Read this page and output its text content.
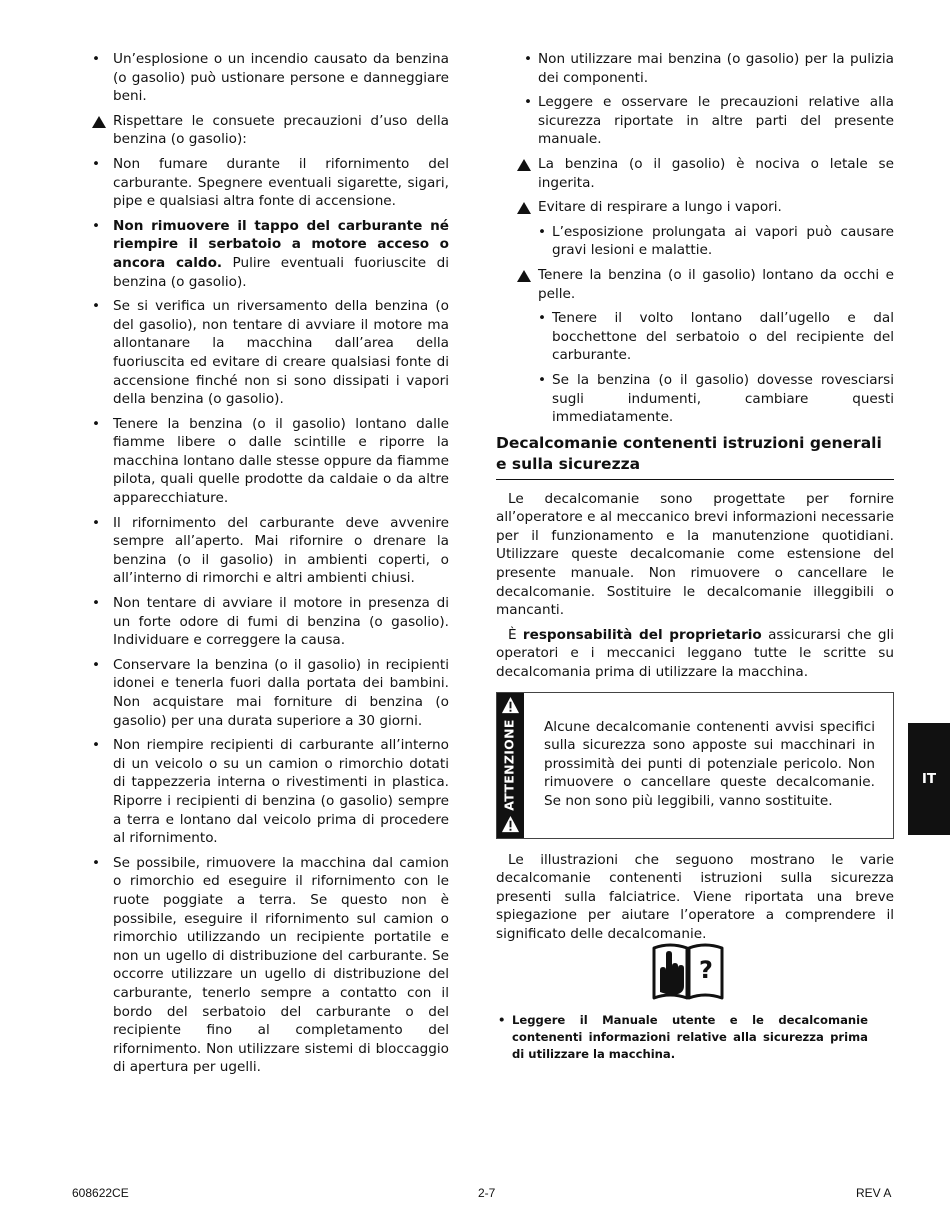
• Un’esplosione o un incendio causato da benzina (o gasolio) può ustionare persone e danneggiare beni.

Rispettare le consuete precauzioni d’uso della benzina (o gasolio):

• Non fumare durante il rifornimento del carburante. Spegnere eventuali sigarette, sigari, pipe e qualsiasi altra fonte di accensione.

• Non rimuovere il tappo del carburante né riempire il serbatoio a motore acceso o ancora caldo. Pulire eventuali fuoriuscite di benzina (o gasolio).

• Se si verifica un riversamento della benzina (o del gasolio), non tentare di avviare il motore ma allontanare la macchina dall’area della fuoriuscita ed evitare di creare qualsiasi fonte di accensione finché non si sono dissipati i vapori della benzina (o gasolio).

• Tenere la benzina (o il gasolio) lontano dalle fiamme libere o dalle scintille e riporre la macchina lontano dalle stesse oppure da fiamme pilota, quali quelle prodotte da caldaie o da altre apparecchiature.

• Il rifornimento del carburante deve avvenire sempre all’aperto. Mai rifornire o drenare la benzina (o il gasolio) in ambienti coperti, o all’interno di rimorchi e altri ambienti chiusi.

• Non tentare di avviare il motore in presenza di un forte odore di fumi di benzina (o gasolio). Individuare e correggere la causa.

• Conservare la benzina (o il gasolio) in recipienti idonei e tenerla fuori dalla portata dei bambini. Non acquistare mai forniture di benzina (o gasolio) per una durata superiore a 30 giorni.

• Non riempire recipienti di carburante all’interno di un veicolo o su un camion o rimorchio dotati di tappezzeria interna o rivestimenti in plastica. Riporre i recipienti di benzina (o gasolio) sempre a terra e lontano dal veicolo prima di procedere al rifornimento.

• Se possibile, rimuovere la macchina dal camion o rimorchio ed eseguire il rifornimento con le ruote poggiate a terra. Se questo non è possibile, eseguire il rifornimento sul camion o rimorchio utilizzando un recipiente portatile e non un ugello di distribuzione del carburante. Se occorre utilizzare un ugello di distribuzione del carburante, tenerlo sempre a contatto con il bordo del serbatoio del carburante o del recipiente fino al completamento del rifornimento. Non utilizzare sistemi di bloccaggio di apertura per ugelli.

• Non utilizzare mai benzina (o gasolio) per la pulizia dei componenti.

• Leggere e osservare le precauzioni relative alla sicurezza riportate in altre parti del presente manuale.

La benzina (o il gasolio) è nociva o letale se ingerita.
Evitare di respirare a lungo i vapori.

• L’esposizione prolungata ai vapori può causare gravi lesioni e malattie.

Tenere la benzina (o il gasolio) lontano da occhi e pelle.

• Tenere il volto lontano dall’ugello e dal bocchettone del serbatoio o del recipiente del carburante.

• Se la benzina (o il gasolio) dovesse rovesciarsi sugli indumenti, cambiare questi immediatamente.

Decalcomanie contenenti istruzioni generali e sulla sicurezza

Le decalcomanie sono progettate per fornire all’operatore e al meccanico brevi informazioni necessarie per il funzionamento e la manutenzione quotidiani. Utilizzare queste decalcomanie come estensione del presente manuale. Non rimuovere o cancellare le decalcomanie. Sostituire le decalcomanie illeggibili o mancanti.

È responsabilità del proprietario assicurarsi che gli operatori e i meccanici leggano tutte le scritte su decalcomania prima di utilizzare la macchina.

ATTENZIONE Alcune decalcomanie contenenti avvisi specifici sulla sicurezza sono apposte sui macchinari in prossimità dei punti di potenziale pericolo. Non rimuovere o cancellare queste decalcomanie. Se non sono più leggibili, vanno sostituite.

Le illustrazioni che seguono mostrano le varie decalcomanie contenenti istruzioni sulla sicurezza presenti sulla falciatrice. Viene riportata una breve spiegazione per aiutare l’operatore a comprendere il significato delle decalcomanie.

?

• Leggere il Manuale utente e le decalcomanie contenenti informazioni relative alla sicurezza prima di utilizzare la macchina.

IT
608622CE	2-7	REV A
